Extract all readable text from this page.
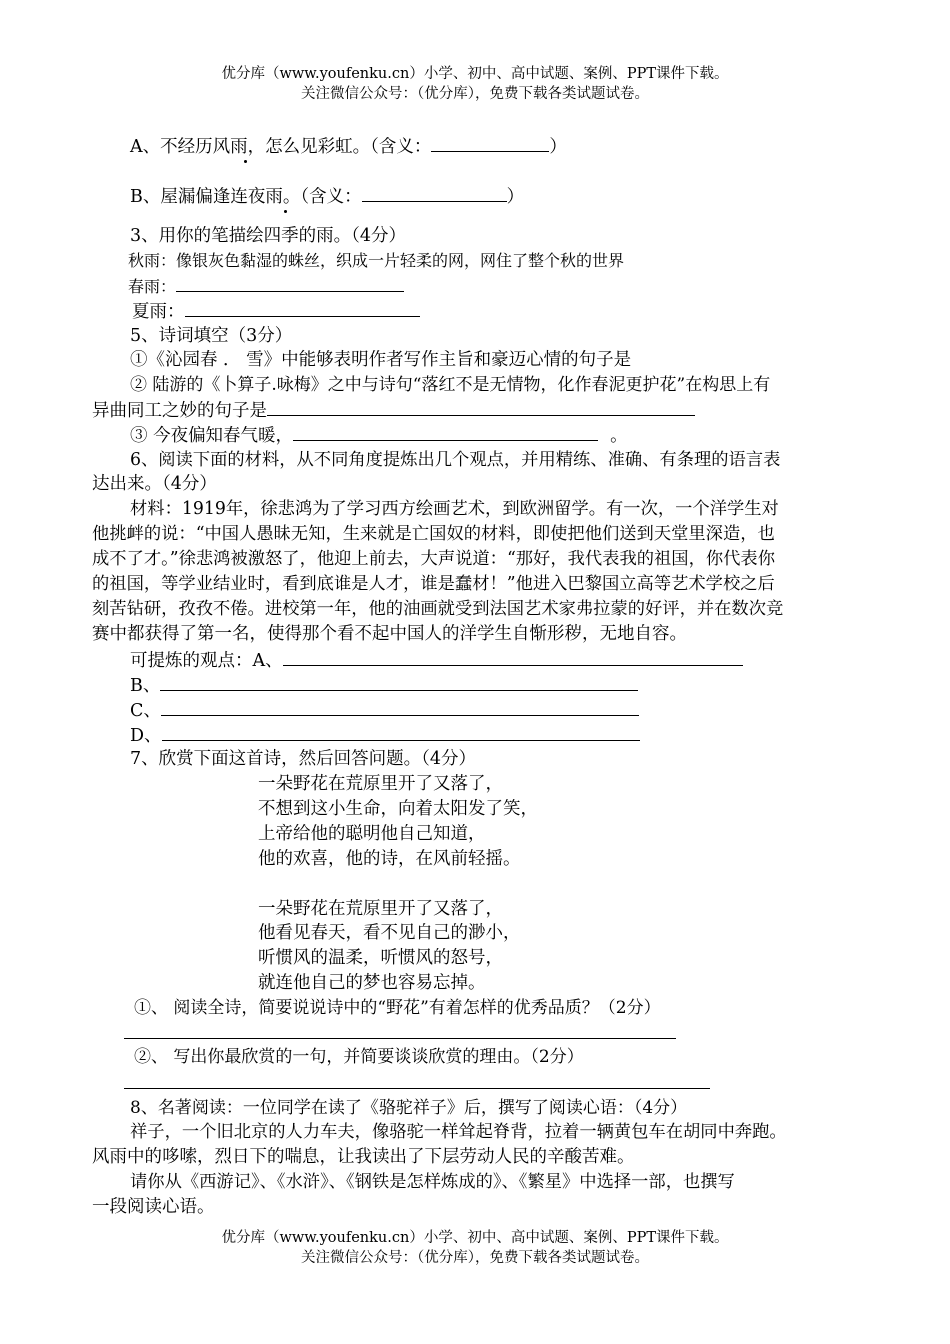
优分库（www.youfenku.cn）小学、初中、高中试题、案例、PPT课件下载。
关注微信公众号：（优分库），免费下载各类试题试卷。
A、不经历风雨，怎么见彩虹。（含义：	）
B、屋漏偏逢连夜雨。（含义：	）
3、用你的笔描绘四季的雨。（4分）
秋雨：像银灰色黏湿的蛛丝，织成一片轻柔的网，网住了整个秋的世界
春雨：
夏雨：
5、诗词填空（3分）
①《沁园春 ． 雪》中能够表明作者写作主旨和豪迈心情的句子是
② 陆游的《卜算子.咏梅》之中与诗句“落红不是无情物，化作春泥更护花”在构思上有
异曲同工之妙的句子是
③ 今夜偏知春气暖，	。
6、阅读下面的材料，从不同角度提炼出几个观点，并用精练、准确、有条理的语言表
达出来。（4分）
材料：1919年，徐悲鸿为了学习西方绘画艺术，到欧洲留学。有一次，一个洋学生对
他挑衅的说：“中国人愚昧无知，生来就是亡国奴的材料，即使把他们送到天堂里深造，也
成不了才。”徐悲鸿被激怒了，他迎上前去，大声说道：“那好，我代表我的祖国，你代表你
的祖国，等学业结业时，看到底谁是人才，谁是蠢材！”他进入巴黎国立高等艺术学校之后
刻苦钻研，孜孜不倦。进校第一年，他的油画就受到法国艺术家弗拉蒙的好评，并在数次竞
赛中都获得了第一名，使得那个看不起中国人的洋学生自惭形秽，无地自容。
可提炼的观点：A、
B、
C、
D、
7、欣赏下面这首诗，然后回答问题。（4分）
一朵野花在荒原里开了又落了，
不想到这小生命，向着太阳发了笑，
上帝给他的聪明他自己知道，
他的欢喜，他的诗，在风前轻摇。
一朵野花在荒原里开了又落了，
他看见春天，看不见自己的渺小，
听惯风的温柔，听惯风的怒号，
就连他自己的梦也容易忘掉。
①、 阅读全诗，简要说说诗中的“野花”有着怎样的优秀品质？（2分）
②、 写出你最欣赏的一句，并简要谈谈欣赏的理由。（2分）
8、名著阅读：一位同学在读了《骆驼祥子》后，撰写了阅读心语：（4分）
祥子，一个旧北京的人力车夫，像骆驼一样耸起脊背，拉着一辆黄包车在胡同中奔跑。
风雨中的哆嗦，烈日下的喘息，让我读出了下层劳动人民的辛酸苦难。
请你从《西游记》、《水浒》、《钢铁是怎样炼成的》、《繁星》中选择一部，也撰写
一段阅读心语。
优分库（www.youfenku.cn）小学、初中、高中试题、案例、PPT课件下载。
关注微信公众号：（优分库），免费下载各类试题试卷。
